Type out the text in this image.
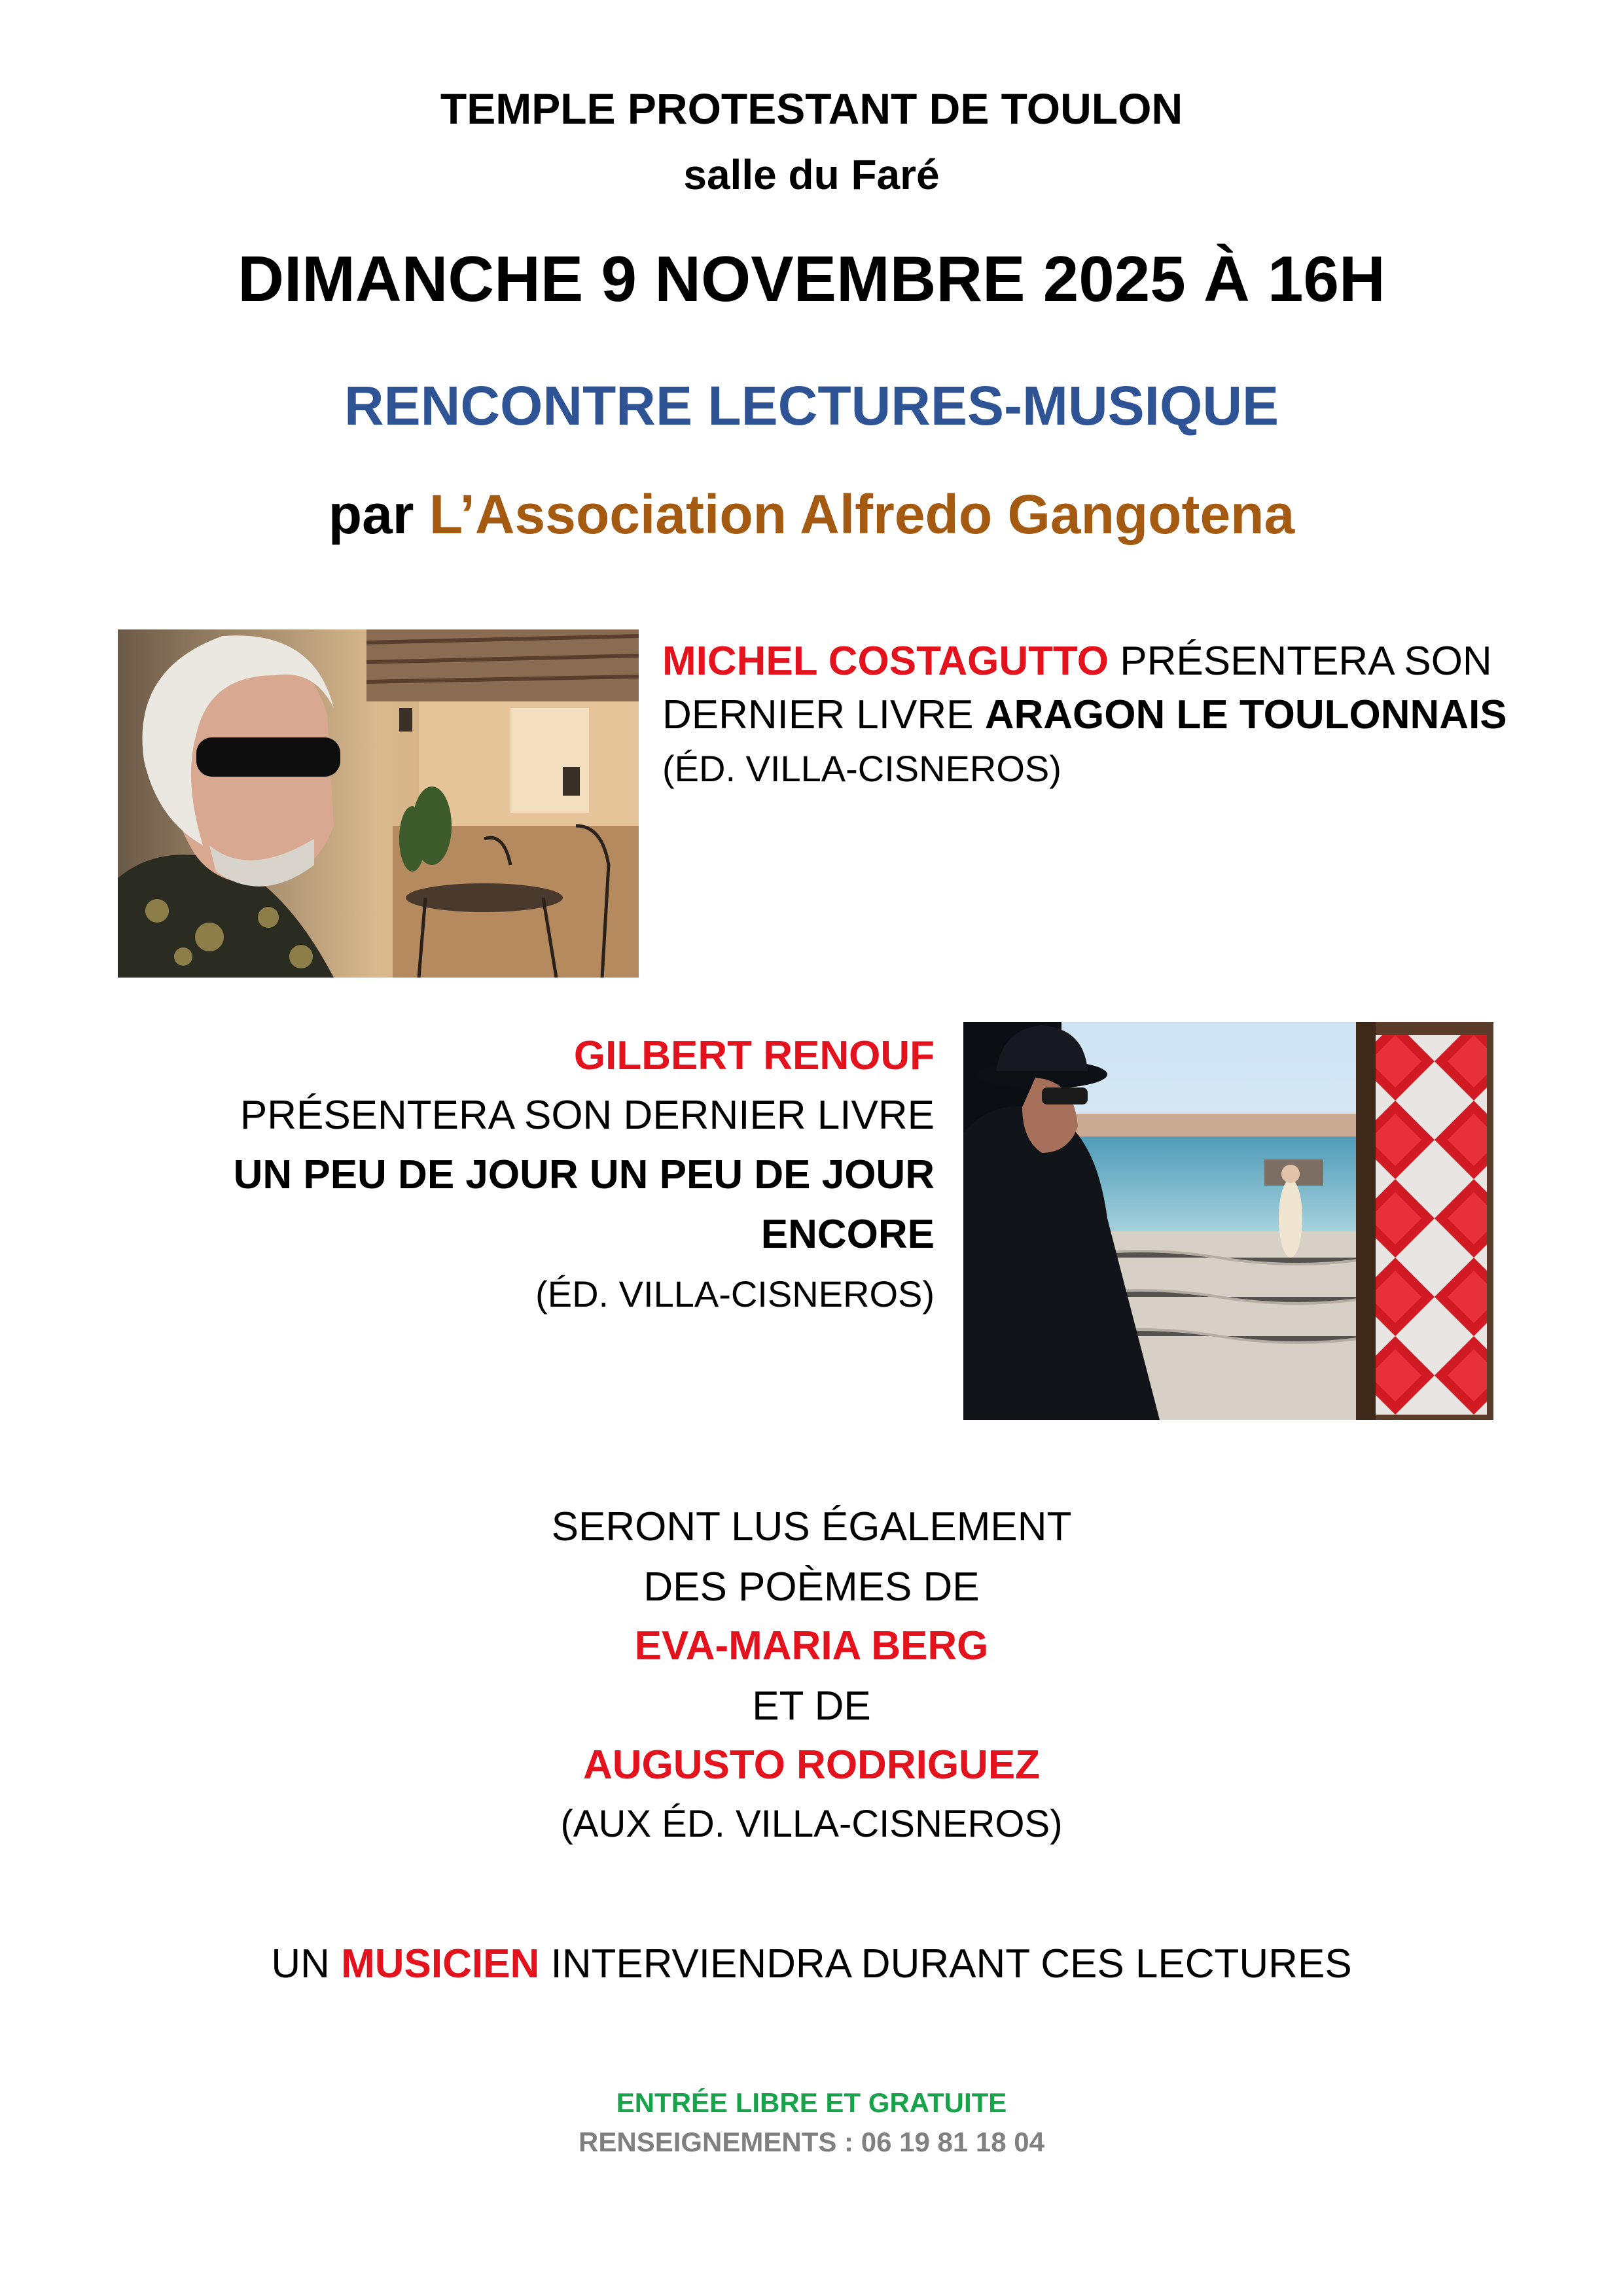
TEMPLE PROTESTANT DE TOULON
salle du Faré
DIMANCHE 9 NOVEMBRE 2025 À 16H
RENCONTRE LECTURES-MUSIQUE
par L’Association Alfredo Gangotena
MICHEL COSTAGUTTO PRÉSENTERA SON
DERNIER LIVRE ARAGON LE TOULONNAIS
(ÉD. VILLA-CISNEROS)
GILBERT RENOUF
PRÉSENTERA SON DERNIER LIVRE
UN PEU DE JOUR UN PEU DE JOUR
ENCORE
(ÉD. VILLA-CISNEROS)
SERONT LUS ÉGALEMENT
DES POÈMES DE
EVA-MARIA BERG
ET DE
AUGUSTO RODRIGUEZ
(AUX ÉD. VILLA-CISNEROS)
UN MUSICIEN INTERVIENDRA DURANT CES LECTURES
ENTRÉE LIBRE ET GRATUITE
RENSEIGNEMENTS : 06 19 81 18 04
